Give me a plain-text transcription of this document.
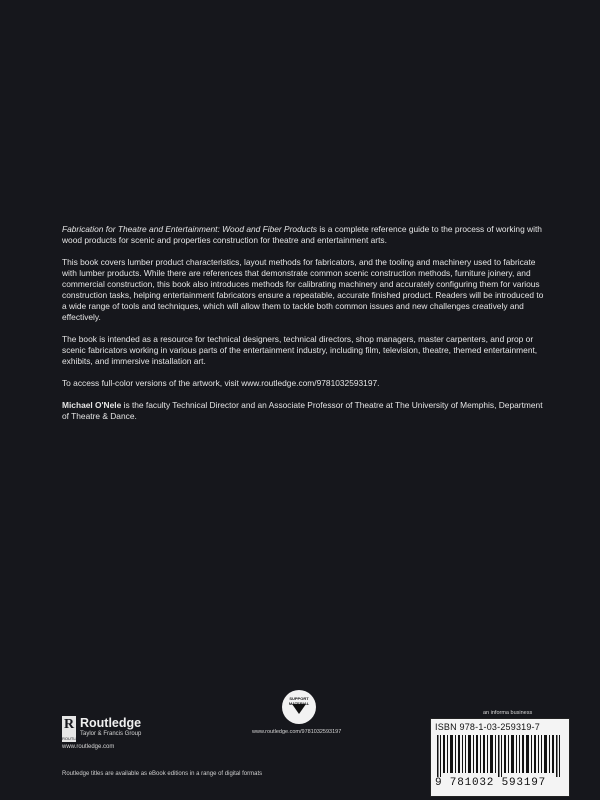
Fabrication for Theatre and Entertainment: Wood and Fiber Products is a complete reference guide to the process of working with wood products for scenic and properties construction for theatre and entertainment arts.

This book covers lumber product characteristics, layout methods for fabricators, and the tooling and machinery used to fabricate with lumber products. While there are references that demonstrate common scenic construction methods, furniture joinery, and commercial construction, this book also introduces methods for calibrating machinery and accurately configuring them for various construction tasks, helping entertainment fabricators ensure a repeatable, accurate finished product. Readers will be introduced to a wide range of tools and techniques, which will allow them to tackle both common issues and new challenges creatively and effectively.

The book is intended as a resource for technical designers, technical directors, shop managers, master carpenters, and prop or scenic fabricators working in various parts of the entertainment industry, including film, television, theatre, themed entertainment, exhibits, and immersive installation art.

To access full-color versions of the artwork, visit www.routledge.com/9781032593197.

Michael O'Nele is the faculty Technical Director and an Associate Professor of Theatre at The University of Memphis, Department of Theatre & Dance.

R
ROUTLEDGE
Routledge
Taylor & Francis Group
www.routledge.com
SUPPORT MATERIAL
www.routledge.com/9781032593197
an informa business
ISBN 978-1-03-259319-7
9 781032 593197
Routledge titles are available as eBook editions in a range of digital formats
